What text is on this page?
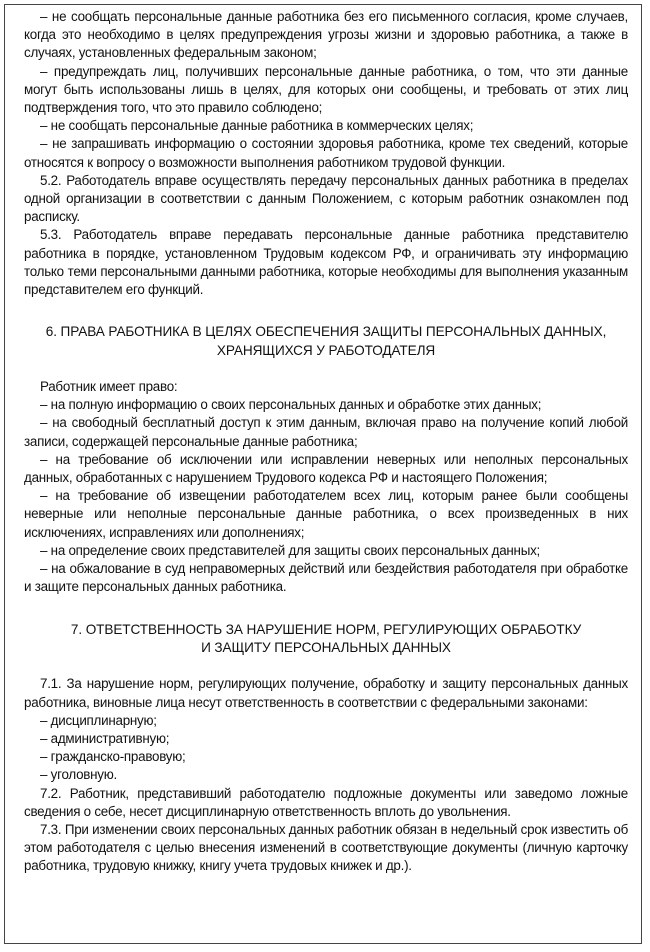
– не сообщать персональные данные работника без его письменного согласия, кроме случаев, когда это необходимо в целях предупреждения угрозы жизни и здоровью работника, а также в случаях, установленных федеральным законом;

– предупреждать лиц, получивших персональные данные работника, о том, что эти данные могут быть использованы лишь в целях, для которых они сообщены, и требовать от этих лиц подтверждения того, что это правило соблюдено;

– не сообщать персональные данные работника в коммерческих целях;

– не запрашивать информацию о состоянии здоровья работника, кроме тех сведений, которые относятся к вопросу о возможности выполнения работником трудовой функции.

5.2. Работодатель вправе осуществлять передачу персональных данных работника в пределах одной организации в соответствии с данным Положением, с которым работник ознакомлен под расписку.

5.3. Работодатель вправе передавать персональные данные работника представителю работника в порядке, установленном Трудовым кодексом РФ, и ограничивать эту информацию только теми персональными данными работника, которые необходимы для выполнения указанным представителем его функций.

6. ПРАВА РАБОТНИКА В ЦЕЛЯХ ОБЕСПЕЧЕНИЯ ЗАЩИТЫ ПЕРСОНАЛЬНЫХ ДАННЫХ,
ХРАНЯЩИХСЯ У РАБОТОДАТЕЛЯ

Работник имеет право:

– на полную информацию о своих персональных данных и обработке этих данных;

– на свободный бесплатный доступ к этим данным, включая право на получение копий любой записи, содержащей персональные данные работника;

– на требование об исключении или исправлении неверных или неполных персональных данных, обработанных с нарушением Трудового кодекса РФ и настоящего Положения;

– на требование об извещении работодателем всех лиц, которым ранее были сообщены неверные или неполные персональные данные работника, о всех произведенных в них исключениях, исправлениях или дополнениях;

– на определение своих представителей для защиты своих персональных данных;

– на обжалование в суд неправомерных действий или бездействия работодателя при обработке и защите персональных данных работника.

7. ОТВЕТСТВЕННОСТЬ ЗА НАРУШЕНИЕ НОРМ, РЕГУЛИРУЮЩИХ ОБРАБОТКУ
И ЗАЩИТУ ПЕРСОНАЛЬНЫХ ДАННЫХ

7.1. За нарушение норм, регулирующих получение, обработку и защиту персональных данных работника, виновные лица несут ответственность в соответствии с федеральными законами:

– дисциплинарную;

– административную;

– гражданско-правовую;

– уголовную.

7.2. Работник, представивший работодателю подложные документы или заведомо ложные сведения о себе, несет дисциплинарную ответственность вплоть до увольнения.

7.3. При изменении своих персональных данных работник обязан в недельный срок известить об этом работодателя с целью внесения изменений в соответствующие документы (личную карточку работника, трудовую книжку, книгу учета трудовых книжек и др.).
